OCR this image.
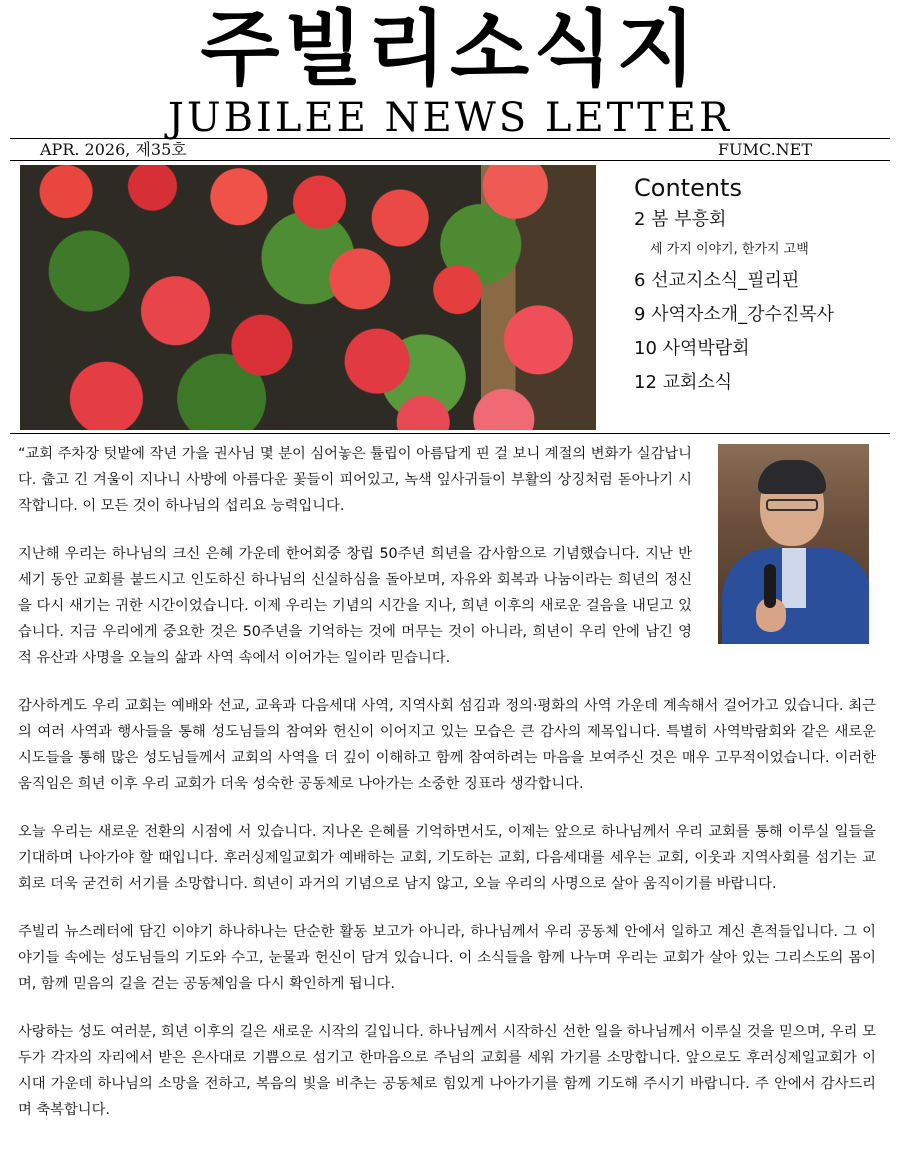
주빌리소식지
JUBILEE NEWS LETTER
APR. 2026, 제35호	FUMC.NET
Contents

2 봄 부흥회

세 가지 이야기, 한가지 고백

6 선교지소식_필리핀

9 사역자소개_강수진목사

10 사역박람회

12 교회소식

“교회 주차장 텃밭에 작년 가을 권사님 몇 분이 심어놓은 튤립이 아름답게 핀 걸 보니 계절의 변화가 실감납니다. 춥고 긴 겨울이 지나니 사방에 아름다운 꽃들이 피어있고, 녹색 잎사귀들이 부활의 상징처럼 돋아나기 시작합니다. 이 모든 것이 하나님의 섭리요 능력입니다.

지난해 우리는 하나님의 크신 은혜 가운데 한어회중 창립 50주년 희년을 감사함으로 기념했습니다. 지난 반세기 동안 교회를 붙드시고 인도하신 하나님의 신실하심을 돌아보며, 자유와 회복과 나눔이라는 희년의 정신을 다시 새기는 귀한 시간이었습니다. 이제 우리는 기념의 시간을 지나, 희년 이후의 새로운 걸음을 내딛고 있습니다. 지금 우리에게 중요한 것은 50주년을 기억하는 것에 머무는 것이 아니라, 희년이 우리 안에 남긴 영적 유산과 사명을 오늘의 삶과 사역 속에서 이어가는 일이라 믿습니다.

감사하게도 우리 교회는 예배와 선교, 교육과 다음세대 사역, 지역사회 섬김과 정의·평화의 사역 가운데 계속해서 걸어가고 있습니다. 최근의 여러 사역과 행사들을 통해 성도님들의 참여와 헌신이 이어지고 있는 모습은 큰 감사의 제목입니다. 특별히 사역박람회와 같은 새로운 시도들을 통해 많은 성도님들께서 교회의 사역을 더 깊이 이해하고 함께 참여하려는 마음을 보여주신 것은 매우 고무적이었습니다. 이러한 움직임은 희년 이후 우리 교회가 더욱 성숙한 공동체로 나아가는 소중한 징표라 생각합니다.

오늘 우리는 새로운 전환의 시점에 서 있습니다. 지나온 은혜를 기억하면서도, 이제는 앞으로 하나님께서 우리 교회를 통해 이루실 일들을 기대하며 나아가야 할 때입니다. 후러싱제일교회가 예배하는 교회, 기도하는 교회, 다음세대를 세우는 교회, 이웃과 지역사회를 섬기는 교회로 더욱 굳건히 서기를 소망합니다. 희년이 과거의 기념으로 남지 않고, 오늘 우리의 사명으로 살아 움직이기를 바랍니다.

주빌리 뉴스레터에 담긴 이야기 하나하나는 단순한 활동 보고가 아니라, 하나님께서 우리 공동체 안에서 일하고 계신 흔적들입니다. 그 이야기들 속에는 성도님들의 기도와 수고, 눈물과 헌신이 담겨 있습니다. 이 소식들을 함께 나누며 우리는 교회가 살아 있는 그리스도의 몸이며, 함께 믿음의 길을 걷는 공동체임을 다시 확인하게 됩니다.

사랑하는 성도 여러분, 희년 이후의 길은 새로운 시작의 길입니다. 하나님께서 시작하신 선한 일을 하나님께서 이루실 것을 믿으며, 우리 모두가 각자의 자리에서 받은 은사대로 기쁨으로 섬기고 한마음으로 주님의 교회를 세워 가기를 소망합니다. 앞으로도 후러싱제일교회가 이 시대 가운데 하나님의 소망을 전하고, 복음의 빛을 비추는 공동체로 힘있게 나아가기를 함께 기도해 주시기 바랍니다. 주 안에서 감사드리며 축복합니다.
